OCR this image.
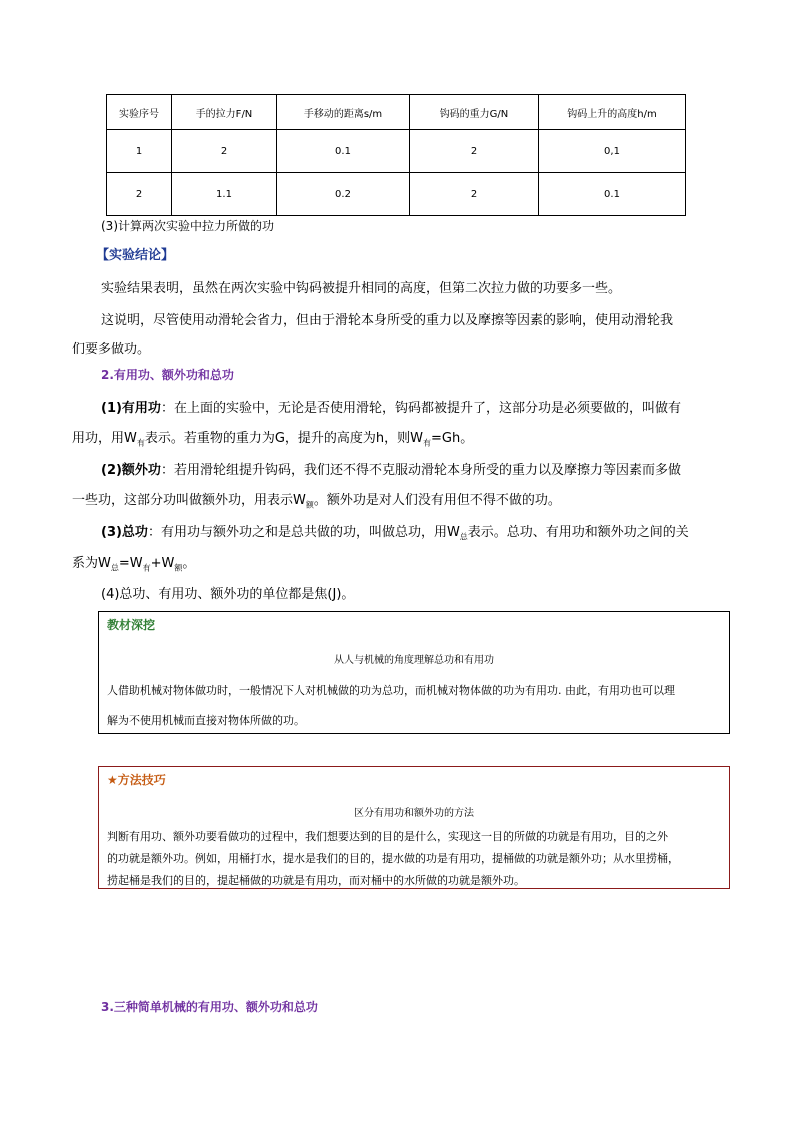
实验序号	手的拉力F/N	手移动的距离s/m	钩码的重力G/N	钩码上升的高度h/m
1	2	0.1	2	0,1
2	1.1	0.2	2	0.1
(3)计算两次实验中拉力所做的功
【实验结论】
实验结果表明，虽然在两次实验中钩码被提升相同的高度，但第二次拉力做的功要多一些。
这说明，尽管使用动滑轮会省力，但由于滑轮本身所受的重力以及摩擦等因素的影响，使用动滑轮我
们要多做功。
2.有用功、额外功和总功
(1)有用功：在上面的实验中，无论是否使用滑轮，钩码都被提升了，这部分功是必须要做的，叫做有
用功，用$W_有$表示。若重物的重力为G，提升的高度为h，则$W_有=Gh$。
(2)额外功：若用滑轮组提升钩码，我们还不得不克服动滑轮本身所受的重力以及摩擦力等因素而多做
一些功，这部分功叫做额外功，用表示$W_额$。额外功是对人们没有用但不得不做的功。
(3)总功：有用功与额外功之和是总共做的功，叫做总功，用$W_总$表示。总功、有用功和额外功之间的关
系为$W_总=W_有+W_额$。
(4)总功、有用功、额外功的单位都是焦(J)。
教材深挖
从人与机械的角度理解总功和有用功
人借助机械对物体做功时，一般情况下人对机械做的功为总功，而机械对物体做的功为有用功. 由此，有用功也可以理
解为不使用机械而直接对物体所做的功。
★方法技巧
区分有用功和额外功的方法
判断有用功、额外功要看做功的过程中，我们想要达到的目的是什么，实现这一目的所做的功就是有用功，目的之外
的功就是额外功。例如，用桶打水，提水是我们的目的，提水做的功是有用功，提桶做的功就是额外功；从水里捞桶，
捞起桶是我们的目的，提起桶做的功就是有用功，而对桶中的水所做的功就是额外功。
3.三种简单机械的有用功、额外功和总功
